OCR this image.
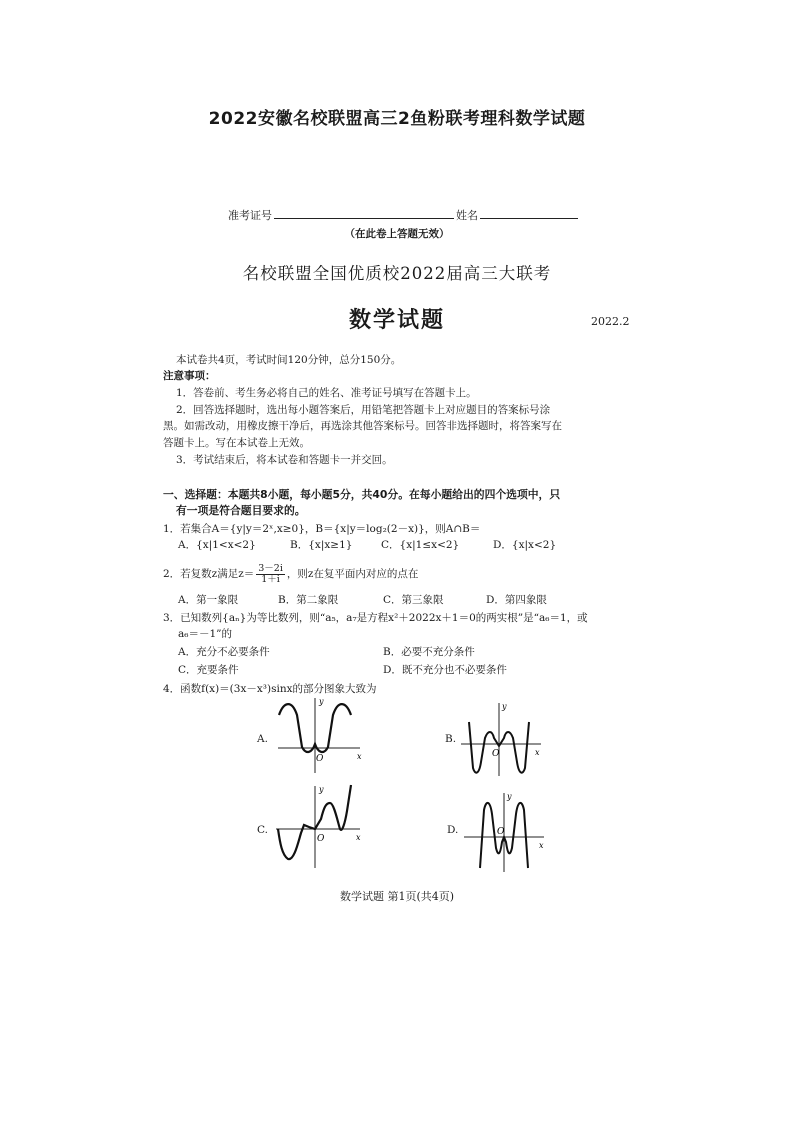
2022安徽名校联盟高三2鱼粉联考理科数学试题
准考证号	姓名
（在此卷上答题无效）
名校联盟全国优质校2022届高三大联考
数学试题	2022.2
本试卷共4页，考试时间120分钟，总分150分。
注意事项：
1．答卷前、考生务必将自己的姓名、准考证号填写在答题卡上。
2．回答选择题时，选出每小题答案后，用铅笔把答题卡上对应题目的答案标号涂
黑。如需改动，用橡皮擦干净后，再选涂其他答案标号。回答非选择题时，将答案写在
答题卡上。写在本试卷上无效。
3．考试结束后，将本试卷和答题卡一并交回。
一、选择题：本题共8小题，每小题5分，共40分。在每小题给出的四个选项中，只
有一项是符合题目要求的。
1．若集合A＝{y|y＝2ˣ,x≥0}，B＝{x|y＝log₂(2－x)}，则A∩B＝
A．{x|1<x<2}	B．{x|x≥1}	C．{x|1≤x<2}	D．{x|x<2}
2．若复数z满足$z= \frac{3-2i}{1+i}$ ，则z在复平面内对应的点在
A．第一象限	B．第二象限	C．第三象限	D．第四象限
3．已知数列{aₙ}为等比数列，则“a₅，a₇是方程x²＋2022x＋1＝0的两实根”是“a₆＝1，或
a₆＝－1”的
A．充分不必要条件	B．必要不充分条件
C．充要条件	D．既不充分也不必要条件
4．函数f(x)＝(3x－x³)sinx的部分图象大致为
A.
y
x
O
B.
y
x
O
C.
y
x
O
D.
y
x
O
数学试题 第1页(共4页)
